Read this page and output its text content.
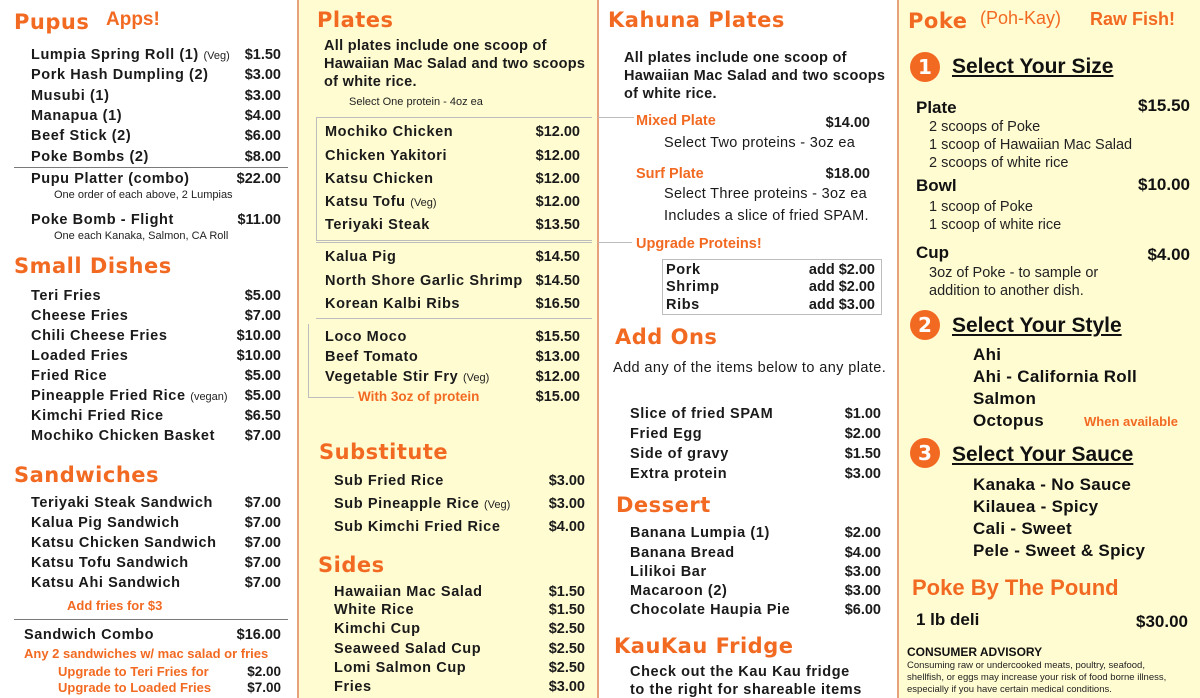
Pupus Apps!
Lumpia Spring Roll (1) (Veg)	$1.50
Pork Hash Dumpling (2)	$3.00
Musubi (1)	$3.00
Manapua (1)	$4.00
Beef Stick (2)	$6.00
Poke Bombs (2)	$8.00
Pupu Platter (combo)	$22.00
One order of each above, 2 Lumpias
Poke Bomb - Flight	$11.00
One each Kanaka, Salmon, CA Roll
Small Dishes
Teri Fries	$5.00
Cheese Fries	$7.00
Chili Cheese Fries	$10.00
Loaded Fries	$10.00
Fried Rice	$5.00
Pineapple Fried Rice (vegan)	$5.00
Kimchi Fried Rice	$6.50
Mochiko Chicken Basket	$7.00
Sandwiches
Teriyaki Steak Sandwich	$7.00
Kalua Pig Sandwich	$7.00
Katsu Chicken Sandwich	$7.00
Katsu Tofu Sandwich	$7.00
Katsu Ahi Sandwich	$7.00
Add fries for $3
Sandwich Combo	$16.00
Any 2 sandwiches w/ mac salad or fries
Upgrade to Teri Fries for	$2.00
Upgrade to Loaded Fries	$7.00
Plates
All plates include one scoop of Hawaiian Mac Salad and two scoops of white rice.
Select One protein - 4oz ea
Mochiko Chicken	$12.00
Chicken Yakitori	$12.00
Katsu Chicken	$12.00
Katsu Tofu (Veg)	$12.00
Teriyaki Steak	$13.50
Kalua Pig	$14.50
North Shore Garlic Shrimp $14.50
Korean Kalbi Ribs	$16.50
Loco Moco	$15.50
Beef Tomato	$13.00
Vegetable Stir Fry (Veg)	$12.00
With 3oz of protein	$15.00
Substitute
Sub Fried Rice	$3.00
Sub Pineapple Rice (Veg)	$3.00
Sub Kimchi Fried Rice	$4.00
Sides
Hawaiian Mac Salad	$1.50
White Rice	$1.50
Kimchi Cup	$2.50
Seaweed Salad Cup	$2.50
Lomi Salmon Cup	$2.50
Fries	$3.00
Kahuna Plates
All plates include one scoop of Hawaiian Mac Salad and two scoops of white rice.
Mixed Plate	$14.00
Select Two proteins - 3oz ea
Surf Plate	$18.00
Select Three proteins - 3oz ea
Includes a slice of fried SPAM.
Upgrade Proteins!
Pork	add $2.00
Shrimp	add $2.00
Ribs	add $3.00
Add Ons
Add any of the items below to any plate.
Slice of fried SPAM	$1.00
Fried Egg	$2.00
Side of gravy	$1.50
Extra protein	$3.00
Dessert
Banana Lumpia (1)	$2.00
Banana Bread	$4.00
Lilikoi Bar	$3.00
Macaroon (2)	$3.00
Chocolate Haupia Pie	$6.00
KauKau Fridge
Check out the Kau Kau fridge
to the right for shareable items
Poke (Poh-Kay) Raw Fish!
1 Select Your Size
Plate	$15.50
2 scoops of Poke
1 scoop of Hawaiian Mac Salad
2 scoops of white rice
Bowl	$10.00
1 scoop of Poke
1 scoop of white rice
Cup	$4.00
3oz of Poke - to sample or
addition to another dish.
2 Select Your Style
Ahi
Ahi - California Roll
Salmon
Octopus	When available
3 Select Your Sauce
Kanaka - No Sauce
Kilauea - Spicy
Cali - Sweet
Pele - Sweet & Spicy
Poke By The Pound
1 lb deli	$30.00
CONSUMER ADVISORY
Consuming raw or undercooked meats, poultry, seafood,
shellfish, or eggs may increase your risk of food borne illness,
especially if you have certain medical conditions.
